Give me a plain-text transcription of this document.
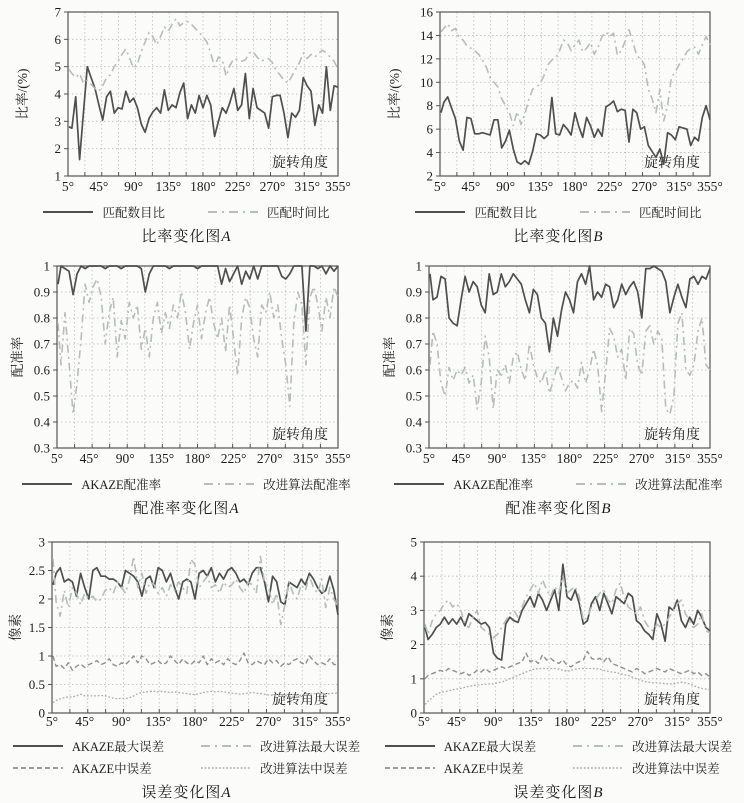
1
2
3
4
5
6
7
5° 45° 90° 135° 180° 225° 270° 315° 355°
比率/(%)
旋转角度
匹配数目比	匹配时间比
比率变化图A
2
4
6
8
10
12
14
16
5° 45° 90° 135° 180° 225° 270° 315° 355°
比率/(%)
旋转角度
匹配数目比	匹配时间比
比率变化图B
0.3
0.4
0.5
0.6
0.7
0.8
0.9
1
5° 45° 90° 135° 180° 225° 270° 315° 355°
配准率
旋转角度
AKAZE配准率	改进算法配准率
配准率变化图A
0.3
0.4
0.5
0.6
0.7
0.8
0.9
1
5° 45° 90° 135° 180° 225° 270° 315° 355°
配准率
旋转角度
AKAZE配准率	改进算法配准率
配准率变化图B
0
0.5
1
1.5
2
2.5
3
5° 45° 90° 135° 180° 225° 270° 315° 355°
像素
旋转角度
AKAZE最大误差	改进算法最大误差
AKAZE中误差	改进算法中误差
误差变化图A
0
1
2
3
4
5
5° 45° 90° 135° 180° 225° 270° 315° 355°
像素
旋转角度
AKAZE最大误差	改进算法最大误差
AKAZE中误差	改进算法中误差
误差变化图B
